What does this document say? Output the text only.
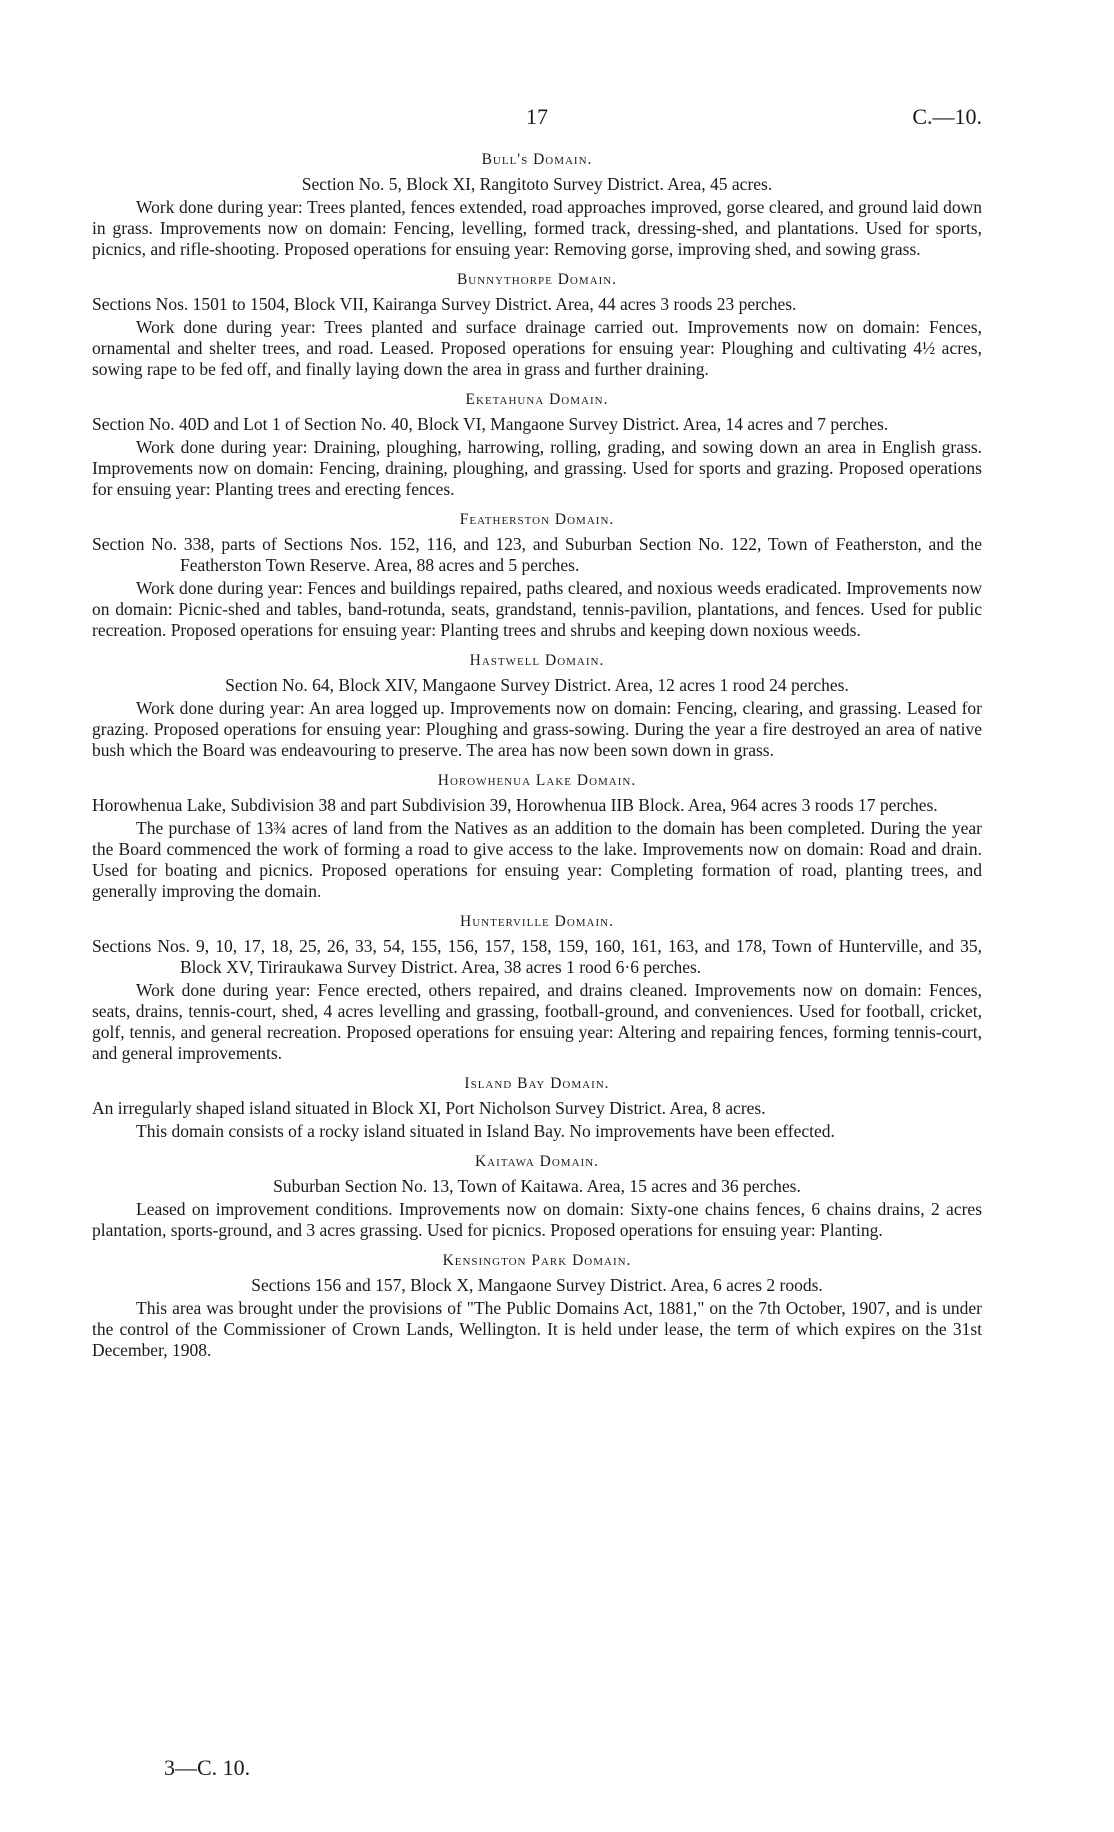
17	C.—10.
Bull's Domain.

Section No. 5, Block XI, Rangitoto Survey District. Area, 45 acres.

Work done during year: Trees planted, fences extended, road approaches improved, gorse cleared, and ground laid down in grass. Improvements now on domain: Fencing, levelling, formed track, dressing-shed, and plantations. Used for sports, picnics, and rifle-shooting. Proposed operations for ensuing year: Removing gorse, improving shed, and sowing grass.

Bunnythorpe Domain.

Sections Nos. 1501 to 1504, Block VII, Kairanga Survey District. Area, 44 acres 3 roods 23 perches.

Work done during year: Trees planted and surface drainage carried out. Improvements now on domain: Fences, ornamental and shelter trees, and road. Leased. Proposed operations for ensuing year: Ploughing and cultivating 4½ acres, sowing rape to be fed off, and finally laying down the area in grass and further draining.

Eketahuna Domain.

Section No. 40D and Lot 1 of Section No. 40, Block VI, Mangaone Survey District. Area, 14 acres and 7 perches.

Work done during year: Draining, ploughing, harrowing, rolling, grading, and sowing down an area in English grass. Improvements now on domain: Fencing, draining, ploughing, and grassing. Used for sports and grazing. Proposed operations for ensuing year: Planting trees and erecting fences.

Featherston Domain.

Section No. 338, parts of Sections Nos. 152, 116, and 123, and Suburban Section No. 122, Town of Featherston, and the Featherston Town Reserve. Area, 88 acres and 5 perches.

Work done during year: Fences and buildings repaired, paths cleared, and noxious weeds eradicated. Improvements now on domain: Picnic-shed and tables, band-rotunda, seats, grandstand, tennis-pavilion, plantations, and fences. Used for public recreation. Proposed operations for ensuing year: Planting trees and shrubs and keeping down noxious weeds.

Hastwell Domain.

Section No. 64, Block XIV, Mangaone Survey District. Area, 12 acres 1 rood 24 perches.

Work done during year: An area logged up. Improvements now on domain: Fencing, clearing, and grassing. Leased for grazing. Proposed operations for ensuing year: Ploughing and grass-sowing. During the year a fire destroyed an area of native bush which the Board was endeavouring to preserve. The area has now been sown down in grass.

Horowhenua Lake Domain.

Horowhenua Lake, Subdivision 38 and part Subdivision 39, Horowhenua IIB Block. Area, 964 acres 3 roods 17 perches.

The purchase of 13¾ acres of land from the Natives as an addition to the domain has been completed. During the year the Board commenced the work of forming a road to give access to the lake. Improvements now on domain: Road and drain. Used for boating and picnics. Proposed operations for ensuing year: Completing formation of road, planting trees, and generally improving the domain.

Hunterville Domain.

Sections Nos. 9, 10, 17, 18, 25, 26, 33, 54, 155, 156, 157, 158, 159, 160, 161, 163, and 178, Town of Hunterville, and 35, Block XV, Tiriraukawa Survey District. Area, 38 acres 1 rood 6·6 perches.

Work done during year: Fence erected, others repaired, and drains cleaned. Improvements now on domain: Fences, seats, drains, tennis-court, shed, 4 acres levelling and grassing, football-ground, and conveniences. Used for football, cricket, golf, tennis, and general recreation. Proposed operations for ensuing year: Altering and repairing fences, forming tennis-court, and general improvements.

Island Bay Domain.

An irregularly shaped island situated in Block XI, Port Nicholson Survey District. Area, 8 acres.

This domain consists of a rocky island situated in Island Bay. No improvements have been effected.

Kaitawa Domain.

Suburban Section No. 13, Town of Kaitawa. Area, 15 acres and 36 perches.

Leased on improvement conditions. Improvements now on domain: Sixty-one chains fences, 6 chains drains, 2 acres plantation, sports-ground, and 3 acres grassing. Used for picnics. Proposed operations for ensuing year: Planting.

Kensington Park Domain.

Sections 156 and 157, Block X, Mangaone Survey District. Area, 6 acres 2 roods.

This area was brought under the provisions of "The Public Domains Act, 1881," on the 7th October, 1907, and is under the control of the Commissioner of Crown Lands, Wellington. It is held under lease, the term of which expires on the 31st December, 1908.

3—C. 10.
